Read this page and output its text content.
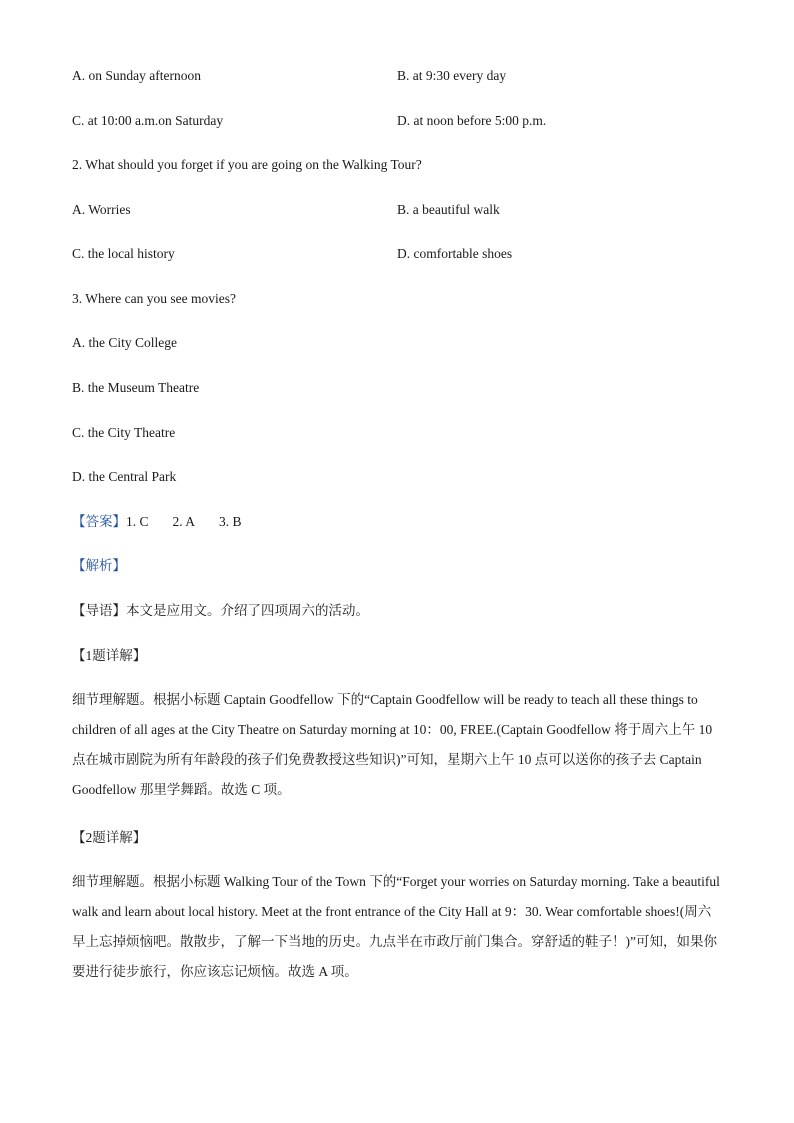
A. on Sunday afternoon	B. at 9:30 every day
C. at 10:00 a.m.on Saturday	D. at noon before 5:00 p.m.
2. What should you forget if you are going on the Walking Tour?
A. Worries	B. a beautiful walk
C. the local history	D. comfortable shoes
3. Where can you see movies?
A. the City College
B. the Museum Theatre
C. the City Theatre
D. the Central Park
【答案】1. C 2. A 3. B
【解析】
【导语】本文是应用文。介绍了四项周六的活动。
【1题详解】

细节理解题。根据小标题 Captain Goodfellow 下的“Captain Goodfellow will be ready to teach all these things to children of all ages at the City Theatre on Saturday morning at 10：00, FREE.(Captain Goodfellow 将于周六上午 10 点在城市剧院为所有年龄段的孩子们免费教授这些知识)”可知，星期六上午 10 点可以送你的孩子去 Captain Goodfellow 那里学舞蹈。故选 C 项。

【2题详解】

细节理解题。根据小标题 Walking Tour of the Town 下的“Forget your worries on Saturday morning. Take a beautiful walk and learn about local history. Meet at the front entrance of the City Hall at 9：30. Wear comfortable shoes!(周六早上忘掉烦恼吧。散散步，了解一下当地的历史。九点半在市政厅前门集合。穿舒适的鞋子！)”可知，如果你要进行徒步旅行，你应该忘记烦恼。故选 A 项。
